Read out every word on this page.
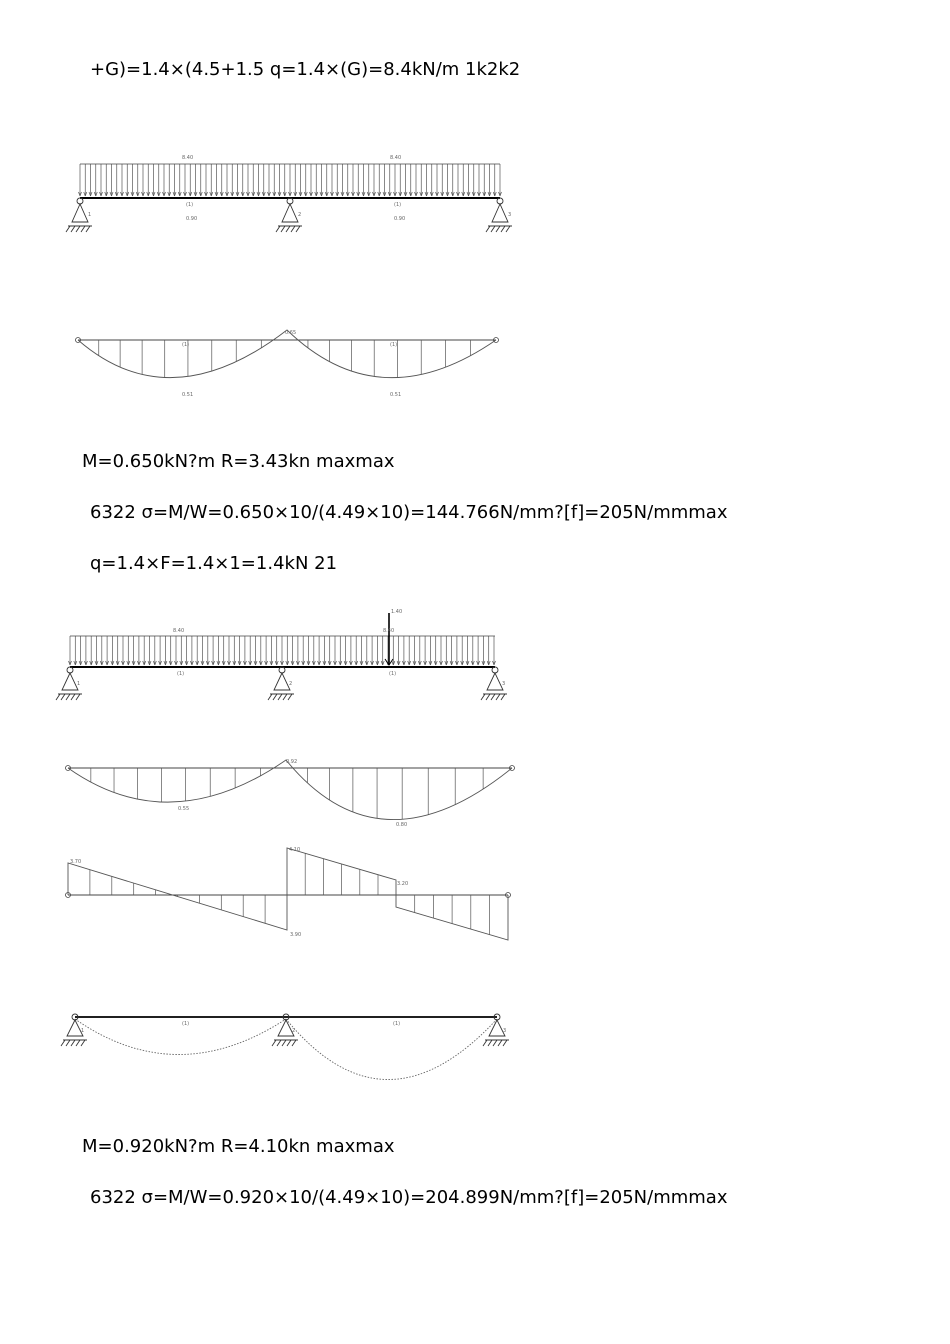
+G)=1.4×(4.5+1.5 q=1.4×(G)=8.4kN/m 1k2k2
8.40	8.40
(1)	(1)
0.90	0.90
1	2	3
0.65
0.51	0.51
(1)	(1)
M=0.650kN?m R=3.43kn maxmax
6322 σ=M/W=0.650×10/(4.49×10)=144.766N/mm?[f]=205N/mmmax
q=1.4×F=1.4×1=1.4kN 21
8.40	8.40
1.40
(1)	(1)
1	2	3
0.92
0.55
0.80
3.70
4.10
3.20
3.90
(1)	(1)
1	2	3
M=0.920kN?m R=4.10kn maxmax
6322 σ=M/W=0.920×10/(4.49×10)=204.899N/mm?[f]=205N/mmmax
